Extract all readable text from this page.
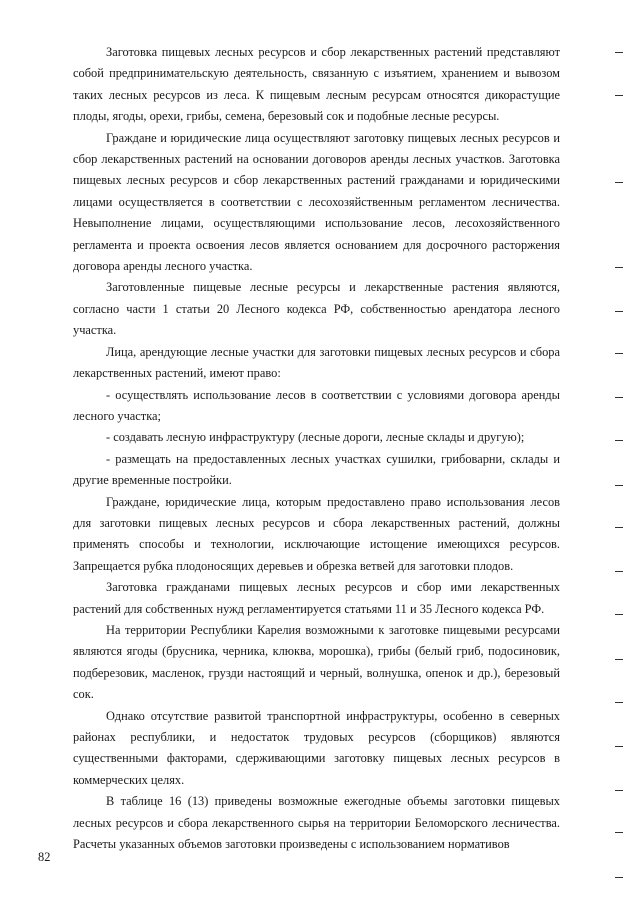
Заготовка пищевых лесных ресурсов и сбор лекарственных растений представляют собой предпринимательскую деятельность, связанную с изъятием, хранением и вывозом таких лесных ресурсов из леса. К пищевым лесным ресурсам относятся дикорастущие плоды, ягоды, орехи, грибы, семена, березовый сок и подобные лесные ресурсы.

Граждане и юридические лица осуществляют заготовку пищевых лесных ресурсов и сбор лекарственных растений на основании договоров аренды лесных участков. Заготовка пищевых лесных ресурсов и сбор лекарственных растений гражданами и юридическими лицами осуществляется в соответствии с лесохозяйственным регламентом лесничества. Невыполнение лицами, осуществляющими использование лесов, лесохозяйственного регламента и проекта освоения лесов является основанием для досрочного расторжения договора аренды лесного участка.

Заготовленные пищевые лесные ресурсы и лекарственные растения являются, согласно части 1 статьи 20 Лесного кодекса РФ, собственностью арендатора лесного участка.

Лица, арендующие лесные участки для заготовки пищевых лесных ресурсов и сбора лекарственных растений, имеют право:

- осуществлять использование лесов в соответствии с условиями договора аренды лесного участка;

- создавать лесную инфраструктуру (лесные дороги, лесные склады и другую);

- размещать на предоставленных лесных участках сушилки, грибоварни, склады и другие временные постройки.

Граждане, юридические лица, которым предоставлено право использования лесов для заготовки пищевых лесных ресурсов и сбора лекарственных растений, должны применять способы и технологии, исключающие истощение имеющихся ресурсов. Запрещается рубка плодоносящих деревьев и обрезка ветвей для заготовки плодов.

Заготовка гражданами пищевых лесных ресурсов и сбор ими лекарственных растений для собственных нужд регламентируется статьями 11 и 35 Лесного кодекса РФ.

На территории Республики Карелия возможными к заготовке пищевыми ресурсами являются ягоды (брусника, черника, клюква, морошка), грибы (белый гриб, подосиновик, подберезовик, масленок, грузди настоящий и черный, волнушка, опенок и др.), березовый сок.

Однако отсутствие развитой транспортной инфраструктуры, особенно в северных районах республики, и недостаток трудовых ресурсов (сборщиков) являются существенными факторами, сдерживающими заготовку пищевых лесных ресурсов в коммерческих целях.

В таблице 16 (13) приведены возможные ежегодные объемы заготовки пищевых лесных ресурсов и сбора лекарственного сырья на территории Беломорского лесничества. Расчеты указанных объемов заготовки произведены с использованием нормативов

82
